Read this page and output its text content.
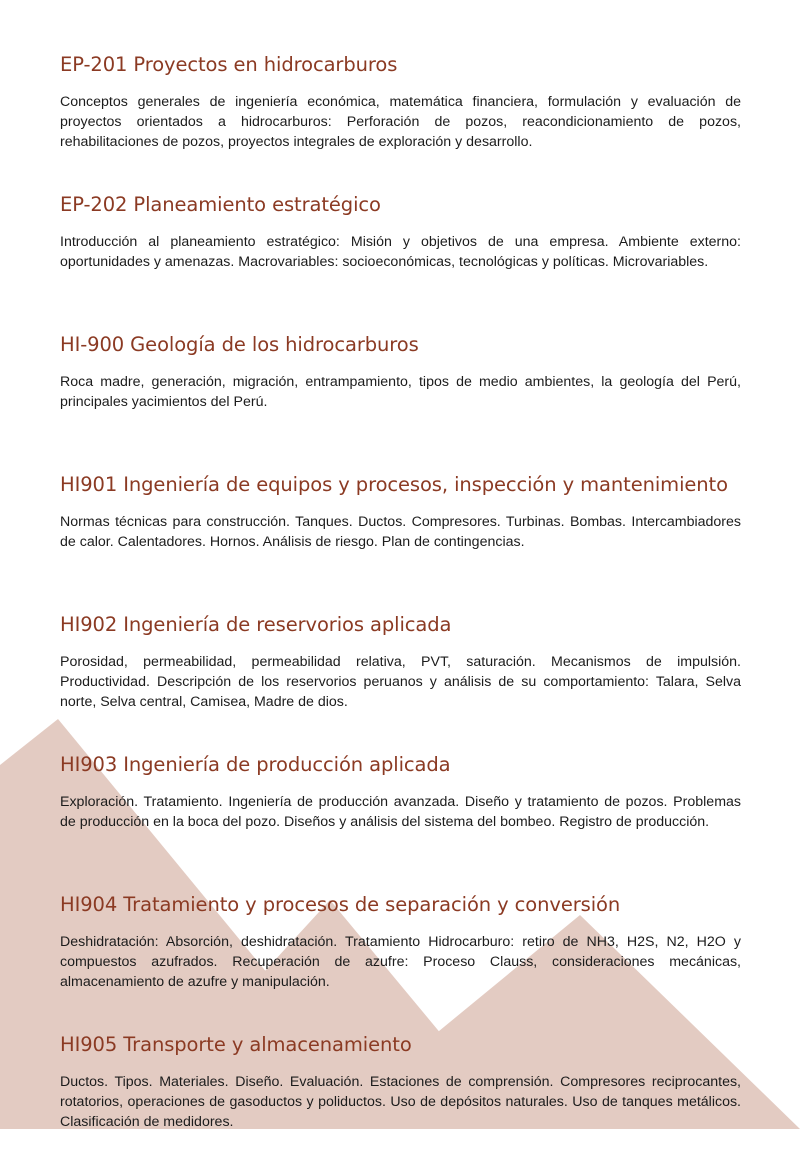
EP-201 Proyectos en hidrocarburos

Conceptos generales de ingeniería económica, matemática financiera, formulación y evaluación de proyectos orientados a hidrocarburos: Perforación de pozos, reacondicionamiento de pozos, rehabilitaciones de pozos, proyectos integrales de exploración y desarrollo.

EP-202 Planeamiento estratégico

Introducción al planeamiento estratégico: Misión y objetivos de una empresa. Ambiente externo: oportunidades y amenazas. Macrovariables: socioeconómicas, tecnológicas y políticas. Microvariables.

HI-900 Geología de los hidrocarburos

Roca madre, generación, migración, entrampamiento, tipos de medio ambientes, la geología del Perú, principales yacimientos del Perú.

HI901 Ingeniería de equipos y procesos, inspección y mantenimiento

Normas técnicas para construcción. Tanques. Ductos. Compresores. Turbinas. Bombas. Intercambiadores de calor. Calentadores. Hornos. Análisis de riesgo. Plan de contingencias.

HI902 Ingeniería de reservorios aplicada

Porosidad, permeabilidad, permeabilidad relativa, PVT, saturación. Mecanismos de impulsión. Productividad. Descripción de los reservorios peruanos y análisis de su comportamiento: Talara, Selva norte, Selva central, Camisea, Madre de dios.

HI903 Ingeniería de producción aplicada

Exploración. Tratamiento. Ingeniería de producción avanzada. Diseño y tratamiento de pozos. Problemas de producción en la boca del pozo. Diseños y análisis del sistema del bombeo. Registro de producción.

HI904 Tratamiento y procesos de separación y conversión

Deshidratación: Absorción, deshidratación. Tratamiento Hidrocarburo: retiro de NH3, H2S, N2, H2O y compuestos azufrados. Recuperación de azufre: Proceso Clauss, consideraciones mecánicas, almacenamiento de azufre y manipulación.

HI905 Transporte y almacenamiento

Ductos. Tipos. Materiales. Diseño. Evaluación. Estaciones de comprensión. Compresores reciprocantes, rotatorios, operaciones de gasoductos y poliductos. Uso de depósitos naturales. Uso de tanques metálicos. Clasificación de medidores.
